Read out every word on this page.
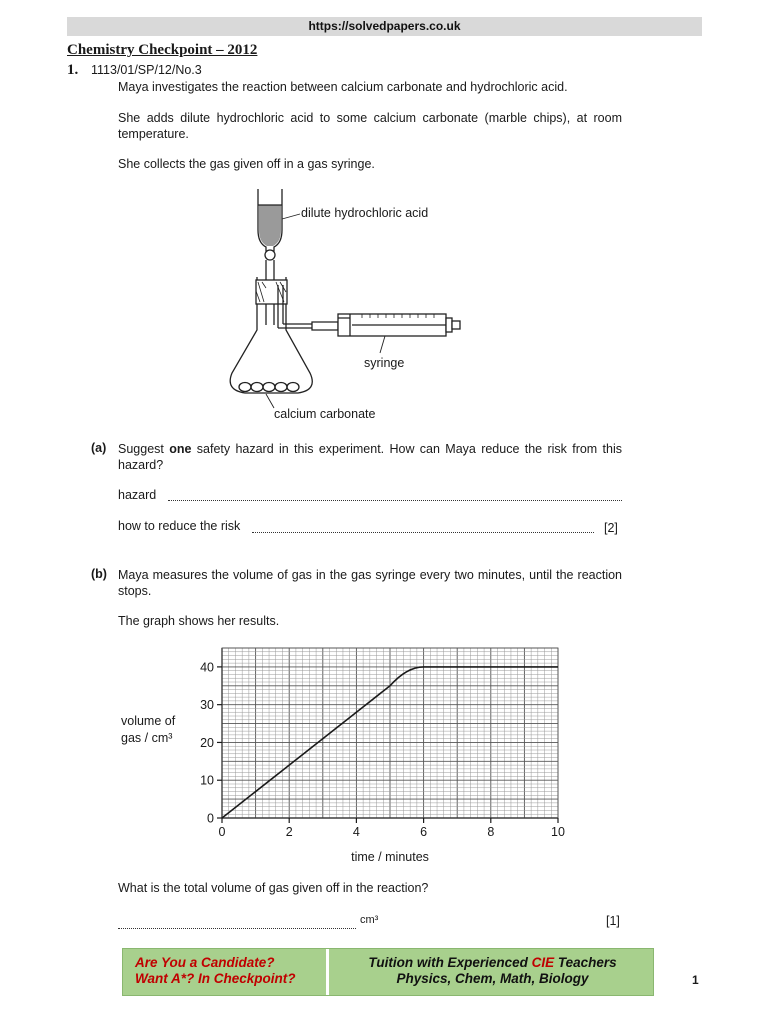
https://solvedpapers.co.uk
Chemistry Checkpoint – 2012
1. 1113/01/SP/12/No.3
Maya investigates the reaction between calcium carbonate and hydrochloric acid.
She adds dilute hydrochloric acid to some calcium carbonate (marble chips), at room temperature.
She collects the gas given off in a gas syringe.
dilute hydrochloric acid
syringe
calcium carbonate
(a) Suggest one safety hazard in this experiment. How can Maya reduce the risk from this hazard?
hazard
how to reduce the risk	[2]
(b) Maya measures the volume of gas in the gas syringe every two minutes, until the reaction stops.
The graph shows her results.
0	2	4	6	8	10
0
10
20
30
40
volume of
gas / cm³
time / minutes
What is the total volume of gas given off in the reaction?
cm³	[1]
Are You a Candidate?
Want A*? In Checkpoint?
Tuition with Experienced CIE Teachers
Physics, Chem, Math, Biology	1
